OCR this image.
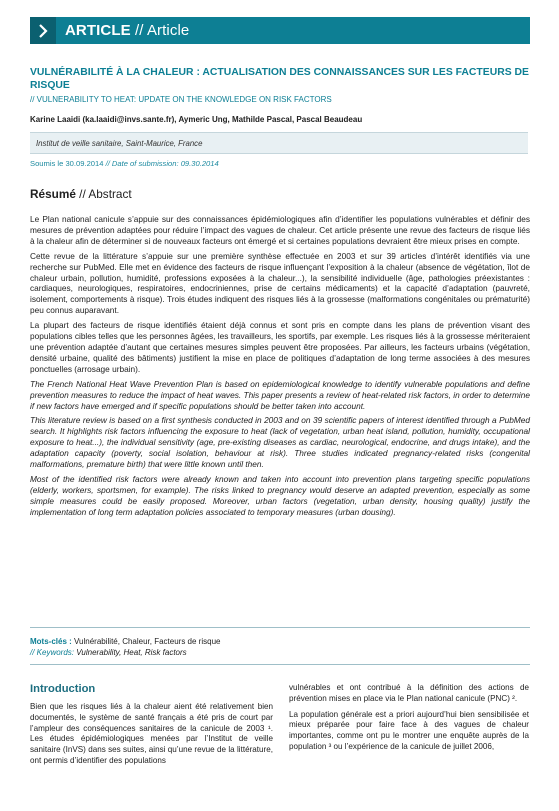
ARTICLE // Article
VULNÉRABILITÉ À LA CHALEUR : ACTUALISATION DES CONNAISSANCES SUR LES FACTEURS DE RISQUE
// VULNERABILITY TO HEAT: UPDATE ON THE KNOWLEDGE ON RISK FACTORS
Karine Laaidi (ka.laaidi@invs.sante.fr), Aymeric Ung, Mathilde Pascal, Pascal Beaudeau
Institut de veille sanitaire, Saint-Maurice, France
Soumis le 30.09.2014 // Date of submission: 09.30.2014
Résumé // Abstract

Le Plan national canicule s’appuie sur des connaissances épidémiologiques afin d’identifier les populations vulnérables et définir des mesures de prévention adaptées pour réduire l’impact des vagues de chaleur. Cet article présente une revue des facteurs de risque liés à la chaleur afin de déterminer si de nouveaux facteurs ont émergé et si certaines populations devraient être mieux prises en compte.

Cette revue de la littérature s’appuie sur une première synthèse effectuée en 2003 et sur 39 articles d’intérêt identifiés via une recherche sur PubMed. Elle met en évidence des facteurs de risque influençant l’exposition à la chaleur (absence de végétation, îlot de chaleur urbain, pollution, humidité, professions exposées à la chaleur...), la sensibilité individuelle (âge, pathologies préexistantes : cardiaques, neurologiques, respiratoires, endocriniennes, prise de certains médicaments) et la capacité d’adaptation (pauvreté, isolement, comportements à risque). Trois études indiquent des risques liés à la grossesse (malformations congénitales ou prématurité) peu connus auparavant.

La plupart des facteurs de risque identifiés étaient déjà connus et sont pris en compte dans les plans de prévention visant des populations cibles telles que les personnes âgées, les travailleurs, les sportifs, par exemple. Les risques liés à la grossesse mériteraient une prévention adaptée d’autant que certaines mesures simples peuvent être proposées. Par ailleurs, les facteurs urbains (végétation, densité urbaine, qualité des bâtiments) justifient la mise en place de politiques d’adaptation de long terme associées à des mesures ponctuelles (arrosage urbain).

The French National Heat Wave Prevention Plan is based on epidemiological knowledge to identify vulnerable populations and define prevention measures to reduce the impact of heat waves. This paper presents a review of heat-related risk factors, in order to determine if new factors have emerged and if specific populations should be better taken into account.

This literature review is based on a first synthesis conducted in 2003 and on 39 scientific papers of interest identified through a PubMed search. It highlights risk factors influencing the exposure to heat (lack of vegetation, urban heat island, pollution, humidity, occupational exposure to heat...), the individual sensitivity (age, pre-existing diseases as cardiac, neurological, endocrine, and drugs intake), and the adaptation capacity (poverty, social isolation, behaviour at risk). Three studies indicated pregnancy-related risks (congenital malformations, premature birth) that were little known until then.

Most of the identified risk factors were already known and taken into account into prevention plans targeting specific populations (elderly, workers, sportsmen, for example). The risks linked to pregnancy would deserve an adapted prevention, especially as some simple measures could be easily proposed. Moreover, urban factors (vegetation, urban density, housing quality) justify the implementation of long term adaptation policies associated to temporary measures (urban dousing).

Mots-clés : Vulnérabilité, Chaleur, Facteurs de risque
// Keywords: Vulnerability, Heat, Risk factors
Introduction

Bien que les risques liés à la chaleur aient été relativement bien documentés, le système de santé français a été pris de court par l’ampleur des conséquences sanitaires de la canicule de 2003 ¹. Les études épidémiologiques menées par l’Institut de veille sanitaire (InVS) dans ses suites, ainsi qu’une revue de la littérature, ont permis d’identifier des populations

vulnérables et ont contribué à la définition des actions de prévention mises en place via le Plan national canicule (PNC) ².

La population générale est a priori aujourd’hui bien sensibilisée et mieux préparée pour faire face à des vagues de chaleur importantes, comme ont pu le montrer une enquête auprès de la population ³ ou l’expérience de la canicule de juillet 2006,
